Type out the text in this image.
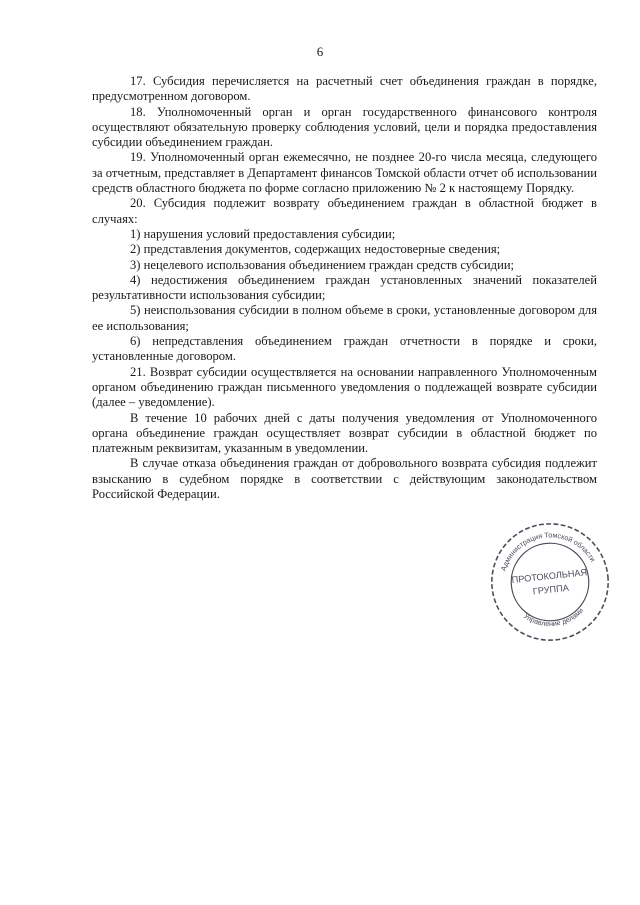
6

17. Субсидия перечисляется на расчетный счет объединения граждан в порядке, предусмотренном договором.

18. Уполномоченный орган и орган государственного финансового контроля осуществляют обязательную проверку соблюдения условий, цели и порядка предоставления субсидии объединением граждан.

19. Уполномоченный орган ежемесячно, не позднее 20-го числа месяца, следующего за отчетным, представляет в Департамент финансов Томской области отчет об использовании средств областного бюджета по форме согласно приложению № 2 к настоящему Порядку.

20. Субсидия подлежит возврату объединением граждан в областной бюджет в случаях:

1) нарушения условий предоставления субсидии;

2) представления документов, содержащих недостоверные сведения;

3) нецелевого использования объединением граждан средств субсидии;

4) недостижения объединением граждан установленных значений показателей результативности использования субсидии;

5) неиспользования субсидии в полном объеме в сроки, установленные договором для ее использования;

6) непредставления объединением граждан отчетности в порядке и сроки, установленные договором.

21. Возврат субсидии осуществляется на основании направленного Уполномоченным органом объединению граждан письменного уведомления о подлежащей возврате субсидии (далее – уведомление).

В течение 10 рабочих дней с даты получения уведомления от Уполномоченного органа объединение граждан осуществляет возврат субсидии в областной бюджет по платежным реквизитам, указанным в уведомлении.

В случае отказа объединения граждан от добровольного возврата субсидия подлежит взысканию в судебном порядке в соответствии с действующим законодательством Российской Федерации.

Администрация Томской области
Управление делами
ПРОТОКОЛЬНАЯ
ГРУППА
